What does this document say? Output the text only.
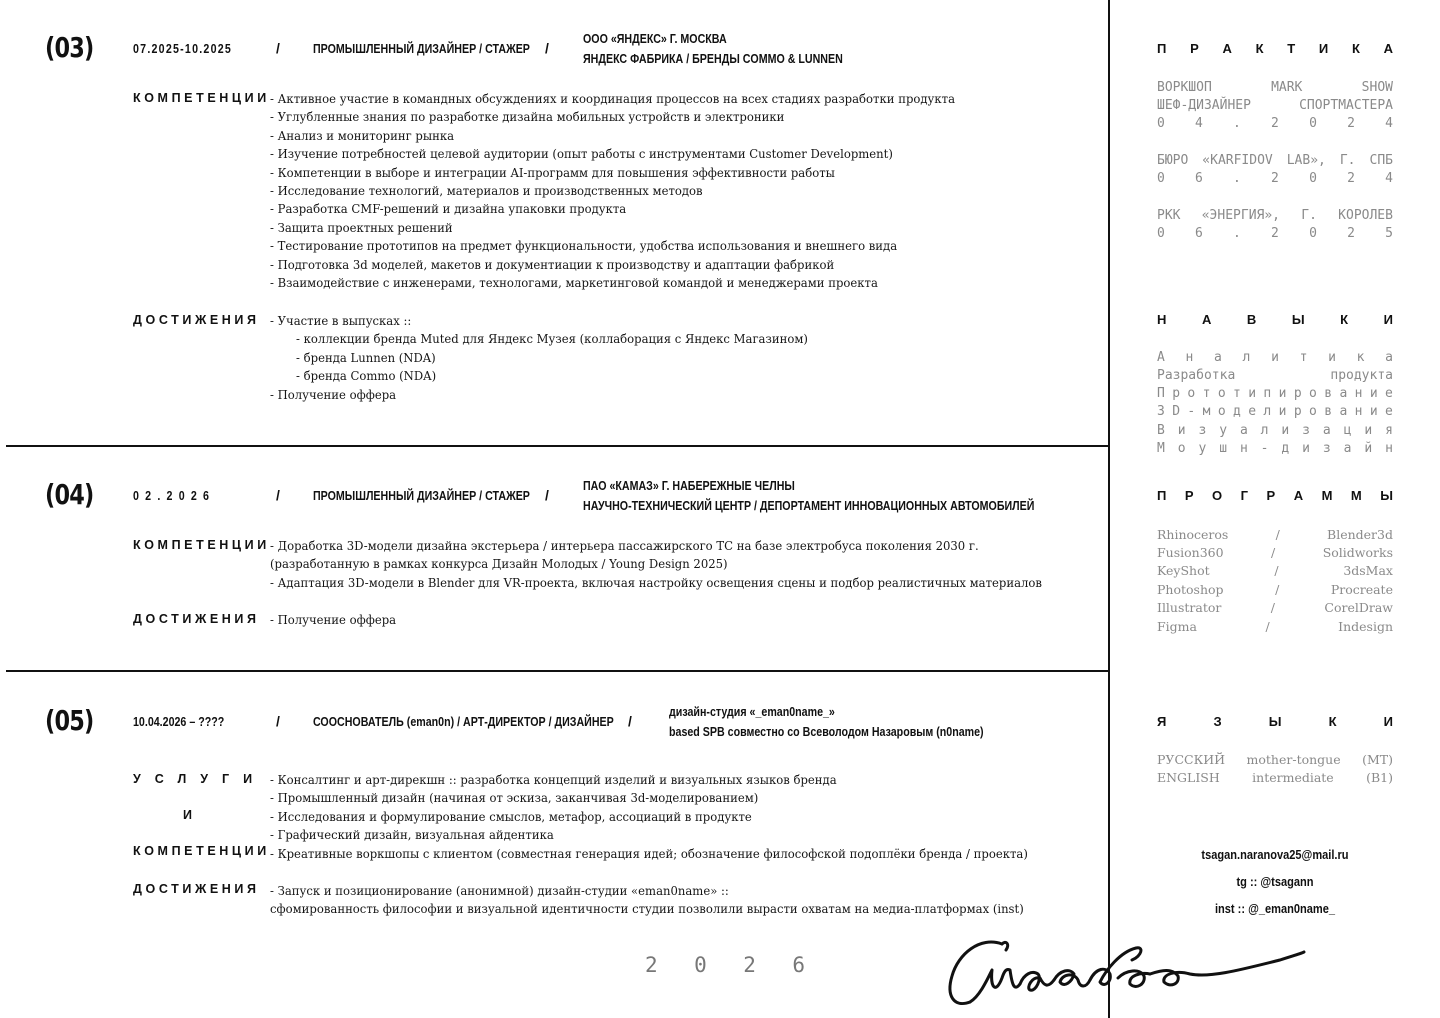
(03)	07.2025-10.2025	/	ПРОМЫШЛЕННЫЙ ДИЗАЙНЕР / СТАЖЕР /
ООО «ЯНДЕКС» Г. МОСКВА
ЯНДЕКС ФАБРИКА / БРЕНДЫ COMMO & LUNNEN
КОМПЕТЕНЦИИ - Активное участие в командных обсуждениях и координация процессов на всех стадиях разработки продукта
- Углубленные знания по разработке дизайна мобильных устройств и электроники
- Анализ и мониторинг рынка
- Изучение потребностей целевой аудитории (опыт работы с инструментами Customer Development)
- Компетенции в выборе и интеграции AI-программ для повышения эффективности работы
- Исследование технологий, материалов и производственных методов
- Разработка CMF-решений и дизайна упаковки продукта
- Защита проектных решений
- Тестирование прототипов на предмет функциональности, удобства использования и внешнего вида
- Подготовка 3d моделей, макетов и документиации к производству и адаптации фабрикой
- Взаимодействие с инженерами, технологами, маркетинговой командой и менеджерами проекта
ДОСТИЖЕНИЯ - Участие в выпусках ::
- коллекции бренда Muted для Яндекс Музея (коллаборация с Яндекс Магазином)
- бренда Lunnen (NDA)
- бренда Commo (NDA)
- Получение оффера
(04)	0 2 . 2 0 2 6	/	ПРОМЫШЛЕННЫЙ ДИЗАЙНЕР / СТАЖЕР /
ПАО «КАМАЗ» Г. НАБЕРЕЖНЫЕ ЧЕЛНЫ
НАУЧНО-ТЕХНИЧЕСКИЙ ЦЕНТР / ДЕПОРТАМЕНТ ИННОВАЦИОННЫХ АВТОМОБИЛЕЙ
КОМПЕТЕНЦИИ - Доработка 3D-модели дизайна экстерьера / интерьера пассажирского ТС на базе электробуса поколения 2030 г.
(разработанную в рамках конкурса Дизайн Молодых / Young Design 2025)
- Адаптация 3D-модели в Blender для VR-проекта, включая настройку освещения сцены и подбор реалистичных материалов
ДОСТИЖЕНИЯ - Получение оффера
(05)	10.04.2026 – ????	/	СООСНОВАТЕЛЬ (eman0n) / АРТ-ДИРЕКТОР / ДИЗАЙНЕР /
дизайн-студия «_eman0name_»
based SPB совместно со Всеволодом Назаровым (n0name)
УСЛУГИ
И
КОМПЕТЕНЦИИ
- Консалтинг и арт-дирекшн :: разработка концепций изделий и визуальных языков бренда
- Промышленный дизайн (начиная от эскиза, заканчивая 3d-моделированием)
- Исследования и формулирование смыслов, метафор, ассоциаций в продукте
- Графический дизайн, визуальная айдентика
- Креативные воркшопы с клиентом (совместная генерация идей; обозначение философской подоплёки бренда / проекта)
ДОСТИЖЕНИЯ - Запуск и позиционирование (анонимной) дизайн-студии «eman0name» ::
сфомированность философии и визуальной идентичности студии позволили вырасти охватам на медиа-платформах (inst)
2 0 2 6
П Р А К Т И К А
ВОРКШОП	MARK	SHOW
ШЕФ-ДИЗАЙНЕР	СПОРТМАСТЕРА
0 4 . 2 0 2 4
БЮРО «KARFIDOV LAB», Г. СПБ
0 6 . 2 0 2 4
РКК «ЭНЕРГИЯ», Г. КОРОЛЕВ
0 6 . 2 0 2 5
Н	А	В	Ы	К	И
А н а л и т и к а
Разработка	продукта
П р о т о т и п и р о в а н и е
3 D - м о д е л и р о в а н и е
В и з у а л и з а ц и я
М о у ш н - д и з а й н
П Р О Г Р А М М Ы
Rhinoceros	/	Blender3d
Fusion360	/	Solidworks
KeyShot	/	3dsMax
Photoshop	/	Procreate
Illustrator	/	CorelDraw
Figma	/	Indesign
Я	З	Ы	К	И
РУССКИЙ mother-tongue (MT)
ENGLISH	intermediate	(B1)
tsagan.naranova25@mail.ru
tg :: @tsagann
inst :: @_eman0name_
